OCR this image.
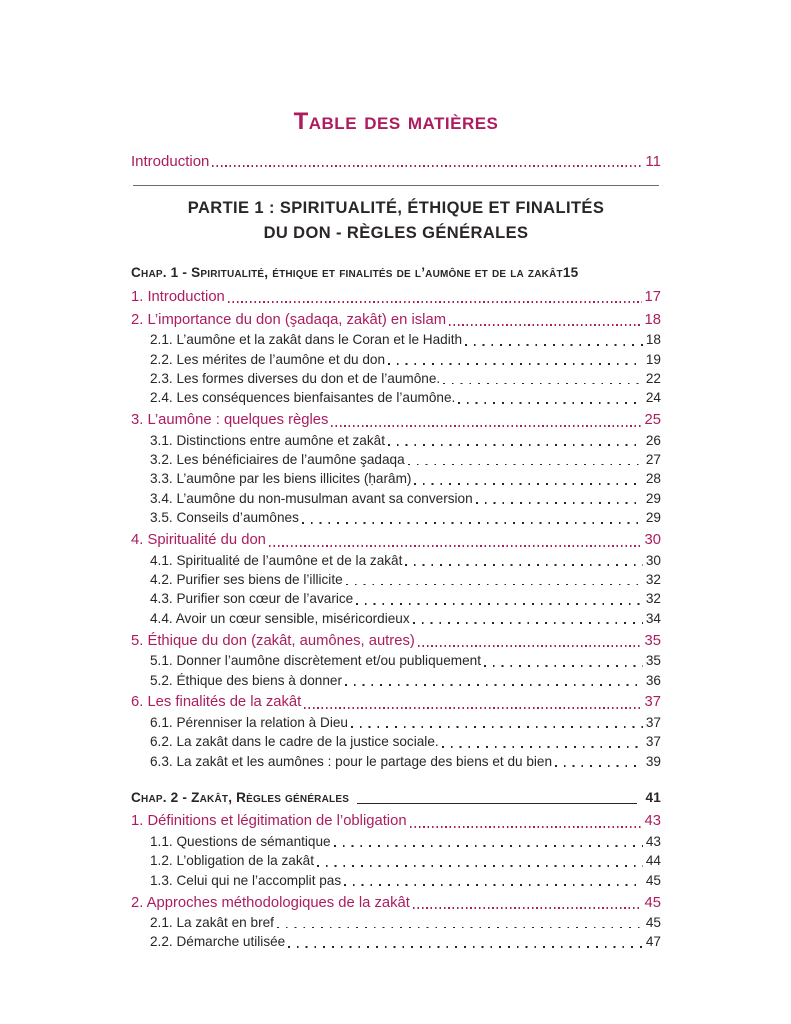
Table des matières
Introduction	11
PARTIE 1 : SPIRITUALITÉ, ÉTHIQUE ET FINALITÉS
DU DON - RÈGLES GÉNÉRALES
Chap. 1 - Spiritualité, éthique et finalités de l’aumône et de la zakât 15
1. Introduction	17
2. L’importance du don (şadaqa, zakât) en islam	18
2.1. L’aumône et la zakât dans le Coran et le Hadith	18
2.2. Les mérites de l’aumône et du don	19
2.3. Les formes diverses du don et de l’aumône.	22
2.4. Les conséquences bienfaisantes de l’aumône.	24
3. L’aumône : quelques règles	25
3.1. Distinctions entre aumône et zakât	26
3.2. Les bénéficiaires de l’aumône şadaqa	27
3.3. L’aumône par les biens illicites (ḥarâm)	28
3.4. L’aumône du non-musulman avant sa conversion	29
3.5. Conseils d’aumônes	29
4. Spiritualité du don	30
4.1. Spiritualité de l’aumône et de la zakât	30
4.2. Purifier ses biens de l’illicite	32
4.3. Purifier son cœur de l’avarice	32
4.4. Avoir un cœur sensible, miséricordieux	34
5. Éthique du don (zakât, aumônes, autres)	35
5.1. Donner l’aumône discrètement et/ou publiquement	35
5.2. Éthique des biens à donner	36
6. Les finalités de la zakât	37
6.1. Pérenniser la relation à Dieu	37
6.2. La zakât dans le cadre de la justice sociale.	37
6.3. La zakât et les aumônes : pour le partage des biens et du bien	39
Chap. 2 - Zakât, Règles générales	41
1. Définitions et légitimation de l’obligation	43
1.1. Questions de sémantique	43
1.2. L’obligation de la zakât	44
1.3. Celui qui ne l’accomplit pas	45
2. Approches méthodologiques de la zakât	45
2.1. La zakât en bref	45
2.2. Démarche utilisée	47
